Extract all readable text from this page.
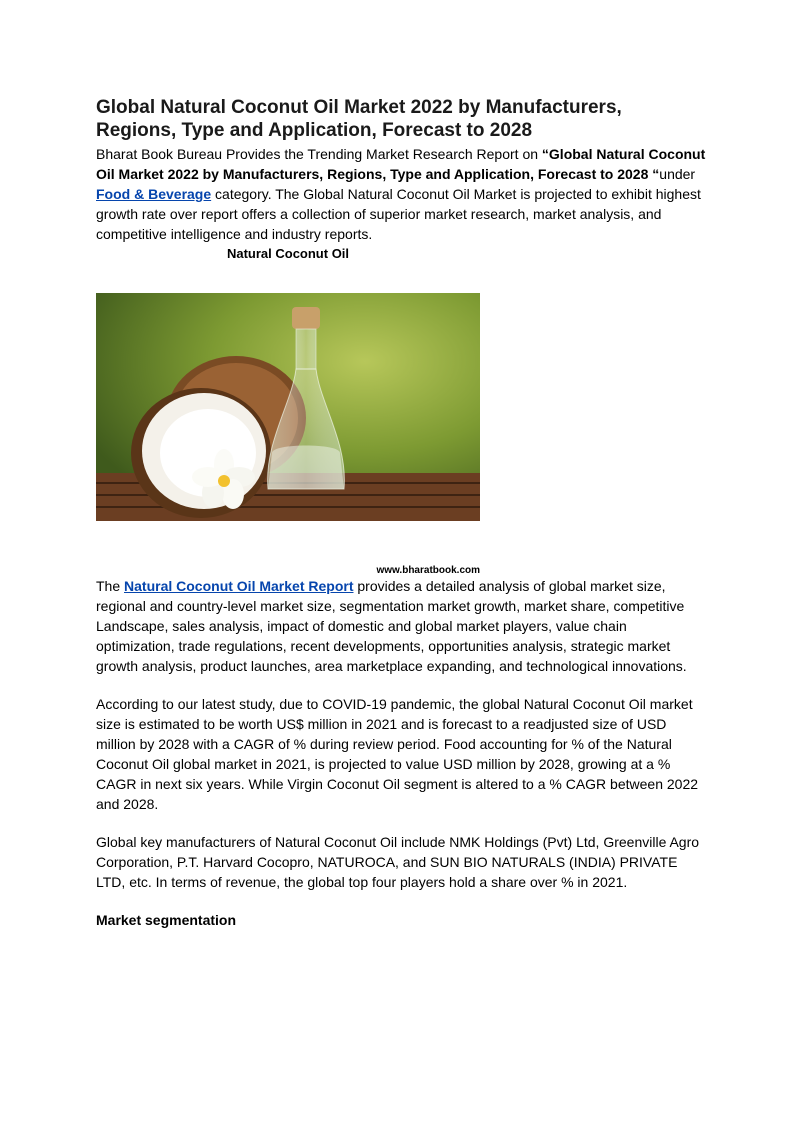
Global Natural Coconut Oil Market 2022 by Manufacturers, Regions, Type and Application, Forecast to 2028

Bharat Book Bureau Provides the Trending Market Research Report on “Global Natural Coconut Oil Market 2022 by Manufacturers, Regions, Type and Application, Forecast to 2028 “under Food & Beverage category. The Global Natural Coconut Oil Market is projected to exhibit highest growth rate over report offers a collection of superior market research, market analysis, and competitive intelligence and industry reports.

Natural Coconut Oil
www.bharatbook.com

The Natural Coconut Oil Market Report provides a detailed analysis of global market size, regional and country-level market size, segmentation market growth, market share, competitive Landscape, sales analysis, impact of domestic and global market players, value chain optimization, trade regulations, recent developments, opportunities analysis, strategic market growth analysis, product launches, area marketplace expanding, and technological innovations.

According to our latest study, due to COVID-19 pandemic, the global Natural Coconut Oil market size is estimated to be worth US$ million in 2021 and is forecast to a readjusted size of USD million by 2028 with a CAGR of % during review period. Food accounting for % of the Natural Coconut Oil global market in 2021, is projected to value USD million by 2028, growing at a % CAGR in next six years. While Virgin Coconut Oil segment is altered to a % CAGR between 2022 and 2028.

Global key manufacturers of Natural Coconut Oil include NMK Holdings (Pvt) Ltd, Greenville Agro Corporation, P.T. Harvard Cocopro, NATUROCA, and SUN BIO NATURALS (INDIA) PRIVATE LTD, etc. In terms of revenue, the global top four players hold a share over % in 2021.

Market segmentation
